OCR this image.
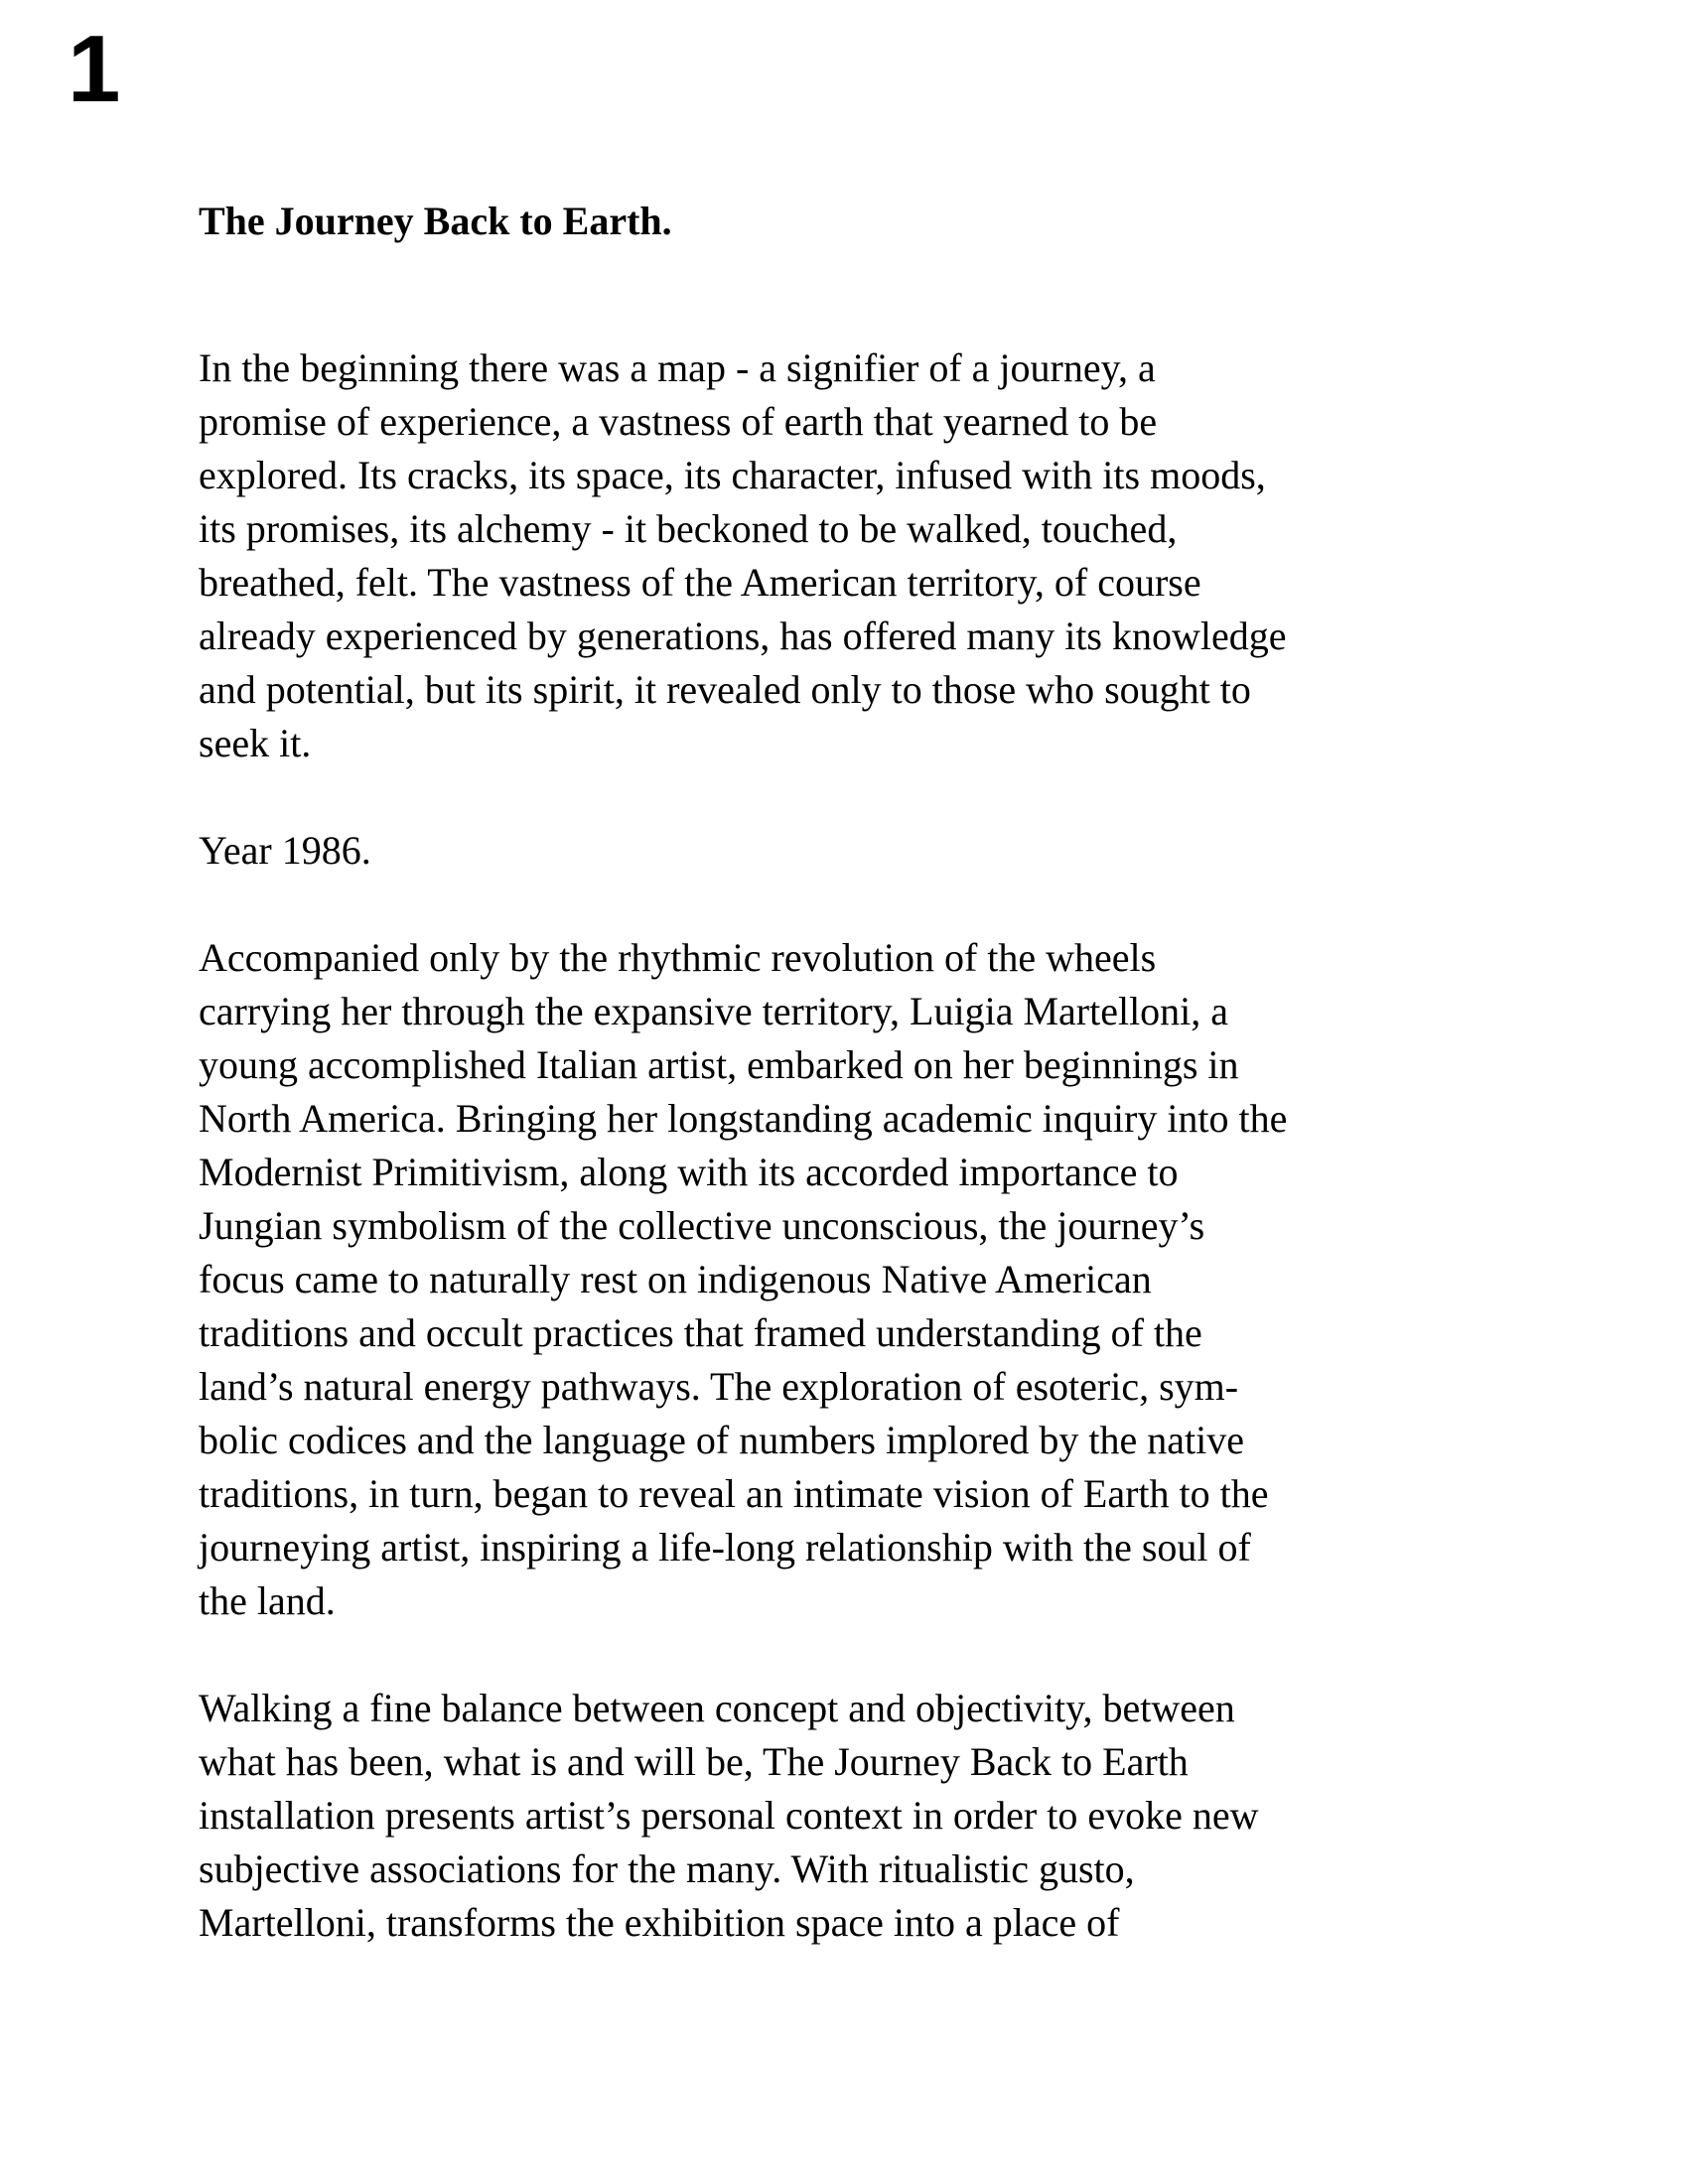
1
The Journey Back to Earth.

In the beginning there was a map - a signifier of a journey, a
promise of experience, a vastness of earth that yearned to be
explored. Its cracks, its space, its character, infused with its moods,
its promises, its alchemy - it beckoned to be walked, touched,
breathed, felt. The vastness of the American territory, of course
already experienced by generations, has offered many its knowledge
and potential, but its spirit, it revealed only to those who sought to
seek it.

Year 1986.

Accompanied only by the rhythmic revolution of the wheels
carrying her through the expansive territory, Luigia Martelloni, a
young accomplished Italian artist, embarked on her beginnings in
North America. Bringing her longstanding academic inquiry into the
Modernist Primitivism, along with its accorded importance to
Jungian symbolism of the collective unconscious, the journey’s
focus came to naturally rest on indigenous Native American
traditions and occult practices that framed understanding of the
land’s natural energy pathways. The exploration of esoteric, sym-
bolic codices and the language of numbers implored by the native
traditions, in turn, began to reveal an intimate vision of Earth to the
journeying artist, inspiring a life-long relationship with the soul of
the land.

Walking a fine balance between concept and objectivity, between
what has been, what is and will be, The Journey Back to Earth
installation presents artist’s personal context in order to evoke new
subjective associations for the many. With ritualistic gusto,
Martelloni, transforms the exhibition space into a place of
